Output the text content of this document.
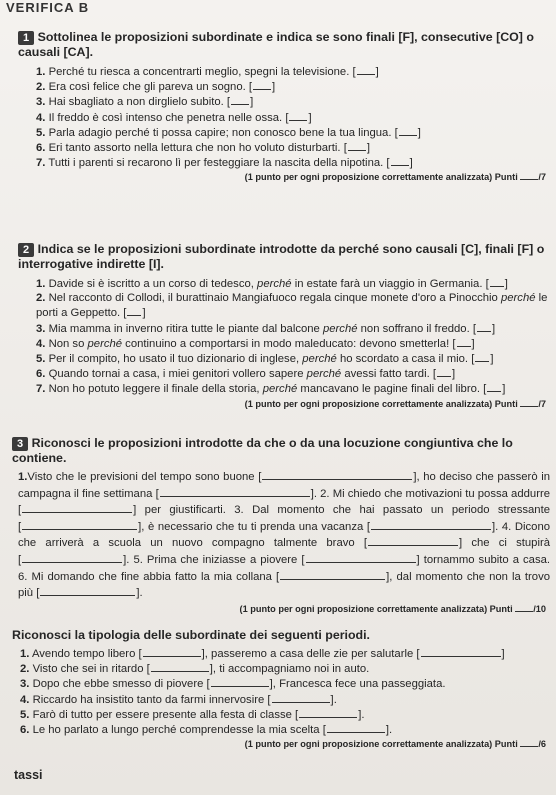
VERIFICA B
1 Sottolinea le proposizioni subordinate e indica se sono finali [F], consecutive [CO] o causali [CA].
1. Perché tu riesca a concentrarti meglio, spegni la televisione. [  ]
2. Era così felice che gli pareva un sogno. [  ]
3. Hai sbagliato a non dirglielo subito. [  ]
4. Il freddo è così intenso che penetra nelle ossa. [  ]
5. Parla adagio perché ti possa capire; non conosco bene la tua lingua. [  ]
6. Eri tanto assorto nella lettura che non ho voluto disturbarti. [  ]
7. Tutti i parenti si recarono lì per festeggiare la nascita della nipotina. [  ]
(1 punto per ogni proposizione correttamente analizzata) Punti /7
2 Indica se le proposizioni subordinate introdotte da perché sono causali [C], finali [F] o interrogative indirette [I].
1. Davide si è iscritto a un corso di tedesco, perché in estate farà un viaggio in Germania. [  ]
2. Nel racconto di Collodi, il burattinaio Mangiafuoco regala cinque monete d'oro a Pinocchio perché le porti a Geppetto. [  ]
3. Mia mamma in inverno ritira tutte le piante dal balcone perché non soffrano il freddo. [  ]
4. Non so perché continuino a comportarsi in modo maleducato: devono smetterla! [  ]
5. Per il compito, ho usato il tuo dizionario di inglese, perché ho scordato a casa il mio. [  ]
6. Quando tornai a casa, i miei genitori vollero sapere perché avessi fatto tardi. [  ]
7. Non ho potuto leggere il finale della storia, perché mancavano le pagine finali del libro. [  ]
(1 punto per ogni proposizione correttamente analizzata) Punti /7
3 Riconosci le proposizioni introdotte da che o da una locuzione congiuntiva che lo contiene.
1.Visto che le previsioni del tempo sono buone [  ]	, ho deciso che passerò in campagna il fine settimana [  ]	. 2. Mi chiedo che motivazioni tu possa addurre [  ] per giustificarti. 3. Dal momento che hai passato un periodo stressante [  ], è necessario che tu ti prenda una vacanza [  ]	. 4. Dicono che arriverà a scuola un nuovo compagno talmente bravo [  ]	che ci stupirà [  ]. 5. Prima che iniziasse a piovere [  ]	tornammo subito a casa. 6. Mi domando che fine abbia fatto la mia collana [  ]	, dal momento che non la trovo più [  ]	.
(1 punto per ogni proposizione correttamente analizzata) Punti /10
Riconosci la tipologia delle subordinate dei seguenti periodi.
1. Avendo tempo libero [  ]	, passeremo a casa delle zie per salutarle [  ]
2. Visto che sei in ritardo [  ]	, ti accompagniamo noi in auto.
3. Dopo che ebbe smesso di piovere [  ]	, Francesca fece una passeggiata.
4. Riccardo ha insistito tanto da farmi innervosire [  ]	.
5. Farò di tutto per essere presente alla festa di classe [  ]	.
6. Le ho parlato a lungo perché comprendesse la mia scelta [  ]	.
(1 punto per ogni proposizione correttamente analizzata) Punti /6
tassi
